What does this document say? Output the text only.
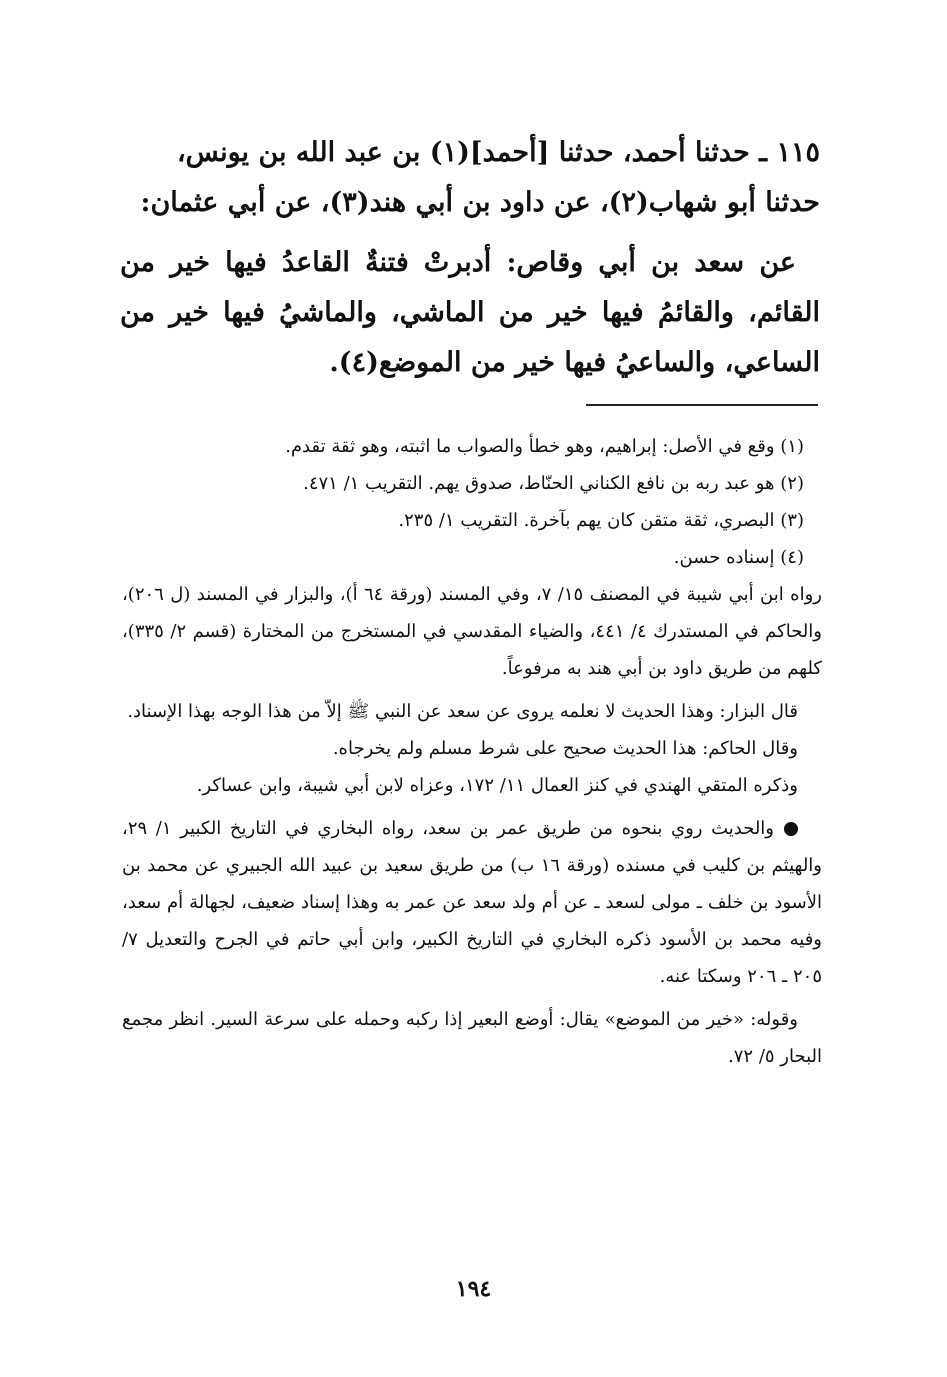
١١٥ ـ حدثنا أحمد، حدثنا [أحمد](١) بن عبد الله بن يونس،

حدثنا أبو شهاب(٢)، عن داود بن أبي هند(٣)، عن أبي عثمان:

عن سعد بن أبي وقاص: أدبرتْ فتنةٌ القاعدُ فيها خير من القائم، والقائمُ فيها خير من الماشي، والماشيُ فيها خير من الساعي، والساعيُ فيها خير من الموضع(٤).

(١) وقع في الأصل: إبراهيم، وهو خطأ والصواب ما اثبته، وهو ثقة تقدم.

(٢) هو عبد ربه بن نافع الكناني الحنّاط، صدوق يهم. التقريب ١/ ٤٧١.

(٣) البصري، ثقة متقن كان يهم بآخرة. التقريب ١/ ٢٣٥.

(٤) إسناده حسن.

رواه ابن أبي شيبة في المصنف ١٥/ ٧، وفي المسند (ورقة ٦٤ أ)، والبزار في المسند (ل ٢٠٦)، والحاكم في المستدرك ٤/ ٤٤١، والضياء المقدسي في المستخرج من المختارة (قسم ٢/ ٣٣٥)، كلهم من طريق داود بن أبي هند به مرفوعاً.

قال البزار: وهذا الحديث لا نعلمه يروى عن سعد عن النبي ﷺ إلاّ من هذا الوجه بهذا الإسناد.

وقال الحاكم: هذا الحديث صحيح على شرط مسلم ولم يخرجاه.

وذكره المتقي الهندي في كنز العمال ١١/ ١٧٢، وعزاه لابن أبي شيبة، وابن عساكر.

والحديث روي بنحوه من طريق عمر بن سعد، رواه البخاري في التاريخ الكبير ١/ ٢٩، والهيثم بن كليب في مسنده (ورقة ١٦ ب) من طريق سعيد بن عبيد الله الجبيري عن محمد بن الأسود بن خلف ـ مولى لسعد ـ عن أم ولد سعد عن عمر به وهذا إسناد ضعيف، لجهالة أم سعد، وفيه محمد بن الأسود ذكره البخاري في التاريخ الكبير، وابن أبي حاتم في الجرح والتعديل ٧/ ٢٠٥ ـ ٢٠٦ وسكتا عنه.

وقوله: «خير من الموضع» يقال: أوضع البعير إذا ركبه وحمله على سرعة السير. انظر مجمع البحار ٥/ ٧٢.

١٩٤
